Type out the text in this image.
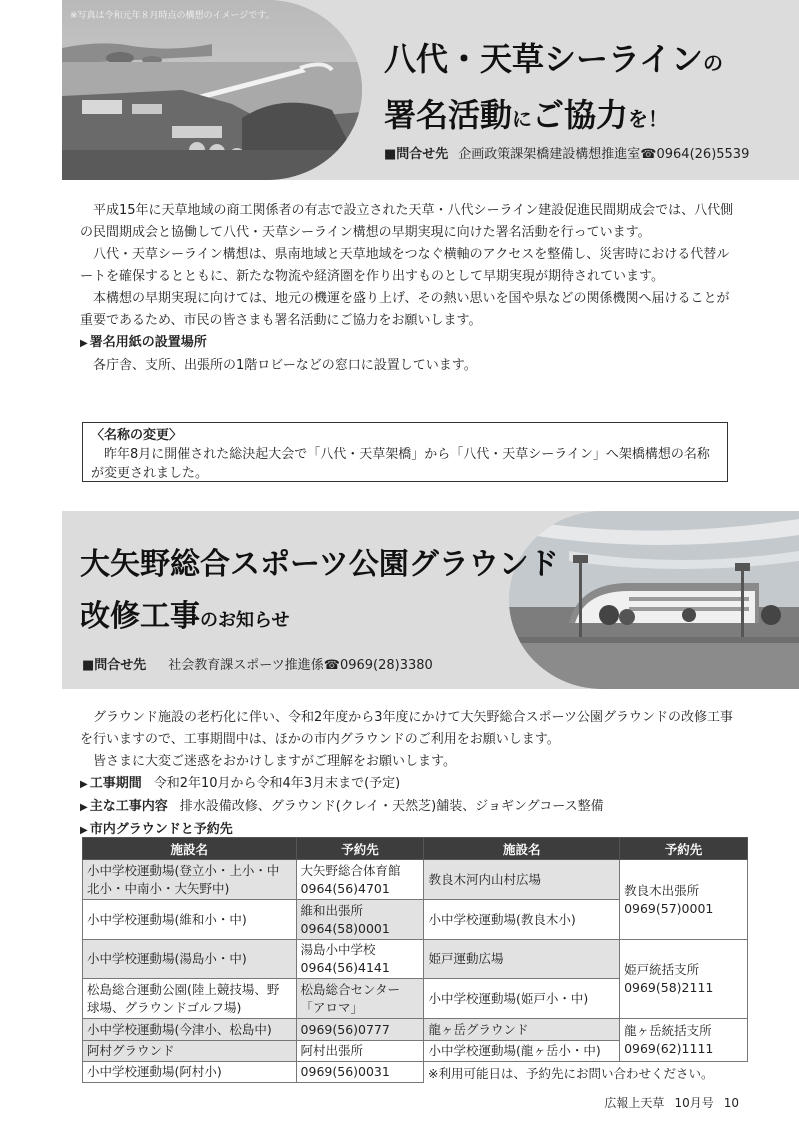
※写真は令和元年８月時点の構想のイメージです。
八代・天草シーラインの
署名活動にご協力を！
■問合せ先 企画政策課架橋建設構想推進室☎0964(26)5539

平成15年に天草地域の商工関係者の有志で設立された天草・八代シーライン建設促進民間期成会では、八代側の民間期成会と協働して八代・天草シーライン構想の早期実現に向けた署名活動を行っています。

八代・天草シーライン構想は、県南地域と天草地域をつなぐ横軸のアクセスを整備し、災害時における代替ルートを確保するとともに、新たな物流や経済圏を作り出すものとして早期実現が期待されています。

本構想の早期実現に向けては、地元の機運を盛り上げ、その熱い思いを国や県などの関係機関へ届けることが重要であるため、市民の皆さまも署名活動にご協力をお願いします。

▶ 署名用紙の設置場所

各庁舎、支所、出張所の1階ロビーなどの窓口に設置しています。

〈名称の変更〉
昨年8月に開催された総決起大会で「八代・天草架橋」から「八代・天草シーライン」へ架橋構想の名称が変更されました。
大矢野総合スポーツ公園グラウンド
改修工事のお知らせ
■問合せ先 社会教育課スポーツ推進係☎0969(28)3380

グラウンド施設の老朽化に伴い、令和2年度から3年度にかけて大矢野総合スポーツ公園グラウンドの改修工事を行いますので、工事期間中は、ほかの市内グラウンドのご利用をお願いします。

皆さまに大変ご迷惑をおかけしますがご理解をお願いします。

▶ 工事期間 令和2年10月から令和4年3月末まで(予定)
▶ 主な工事内容 排水設備改修、グラウンド(クレイ・天然芝)舗装、ジョギングコース整備
▶ 市内グラウンドと予約先
施設名	予約先	施設名	予約先
小中学校運動場(登立小・上小・中北小・中南小・大矢野中)	大矢野総合体育館0964(56)4701	教良木河内山村広場	教良木出張所
0969(57)0001
小中学校運動場(維和小・中)	維和出張所0964(58)0001	小中学校運動場(教良木小)	
小中学校運動場(湯島小・中)	湯島小中学校0964(56)4141	姫戸運動広場	姫戸統括支所
0969(58)2111
松島総合運動公園(陸上競技場、野球場、グラウンドゴルフ場)	松島総合センター「アロマ」	小中学校運動場(姫戸小・中)	
小中学校運動場(今津小、松島中)	0969(56)0777	龍ヶ岳グラウンド	龍ヶ岳統括支所
0969(62)1111
阿村グラウンド	阿村出張所	小中学校運動場(龍ヶ岳小・中)	
小中学校運動場(阿村小)	0969(56)0031			※利用可能日は、予約先にお問い合わせください。
広報上天草 10月号 10
